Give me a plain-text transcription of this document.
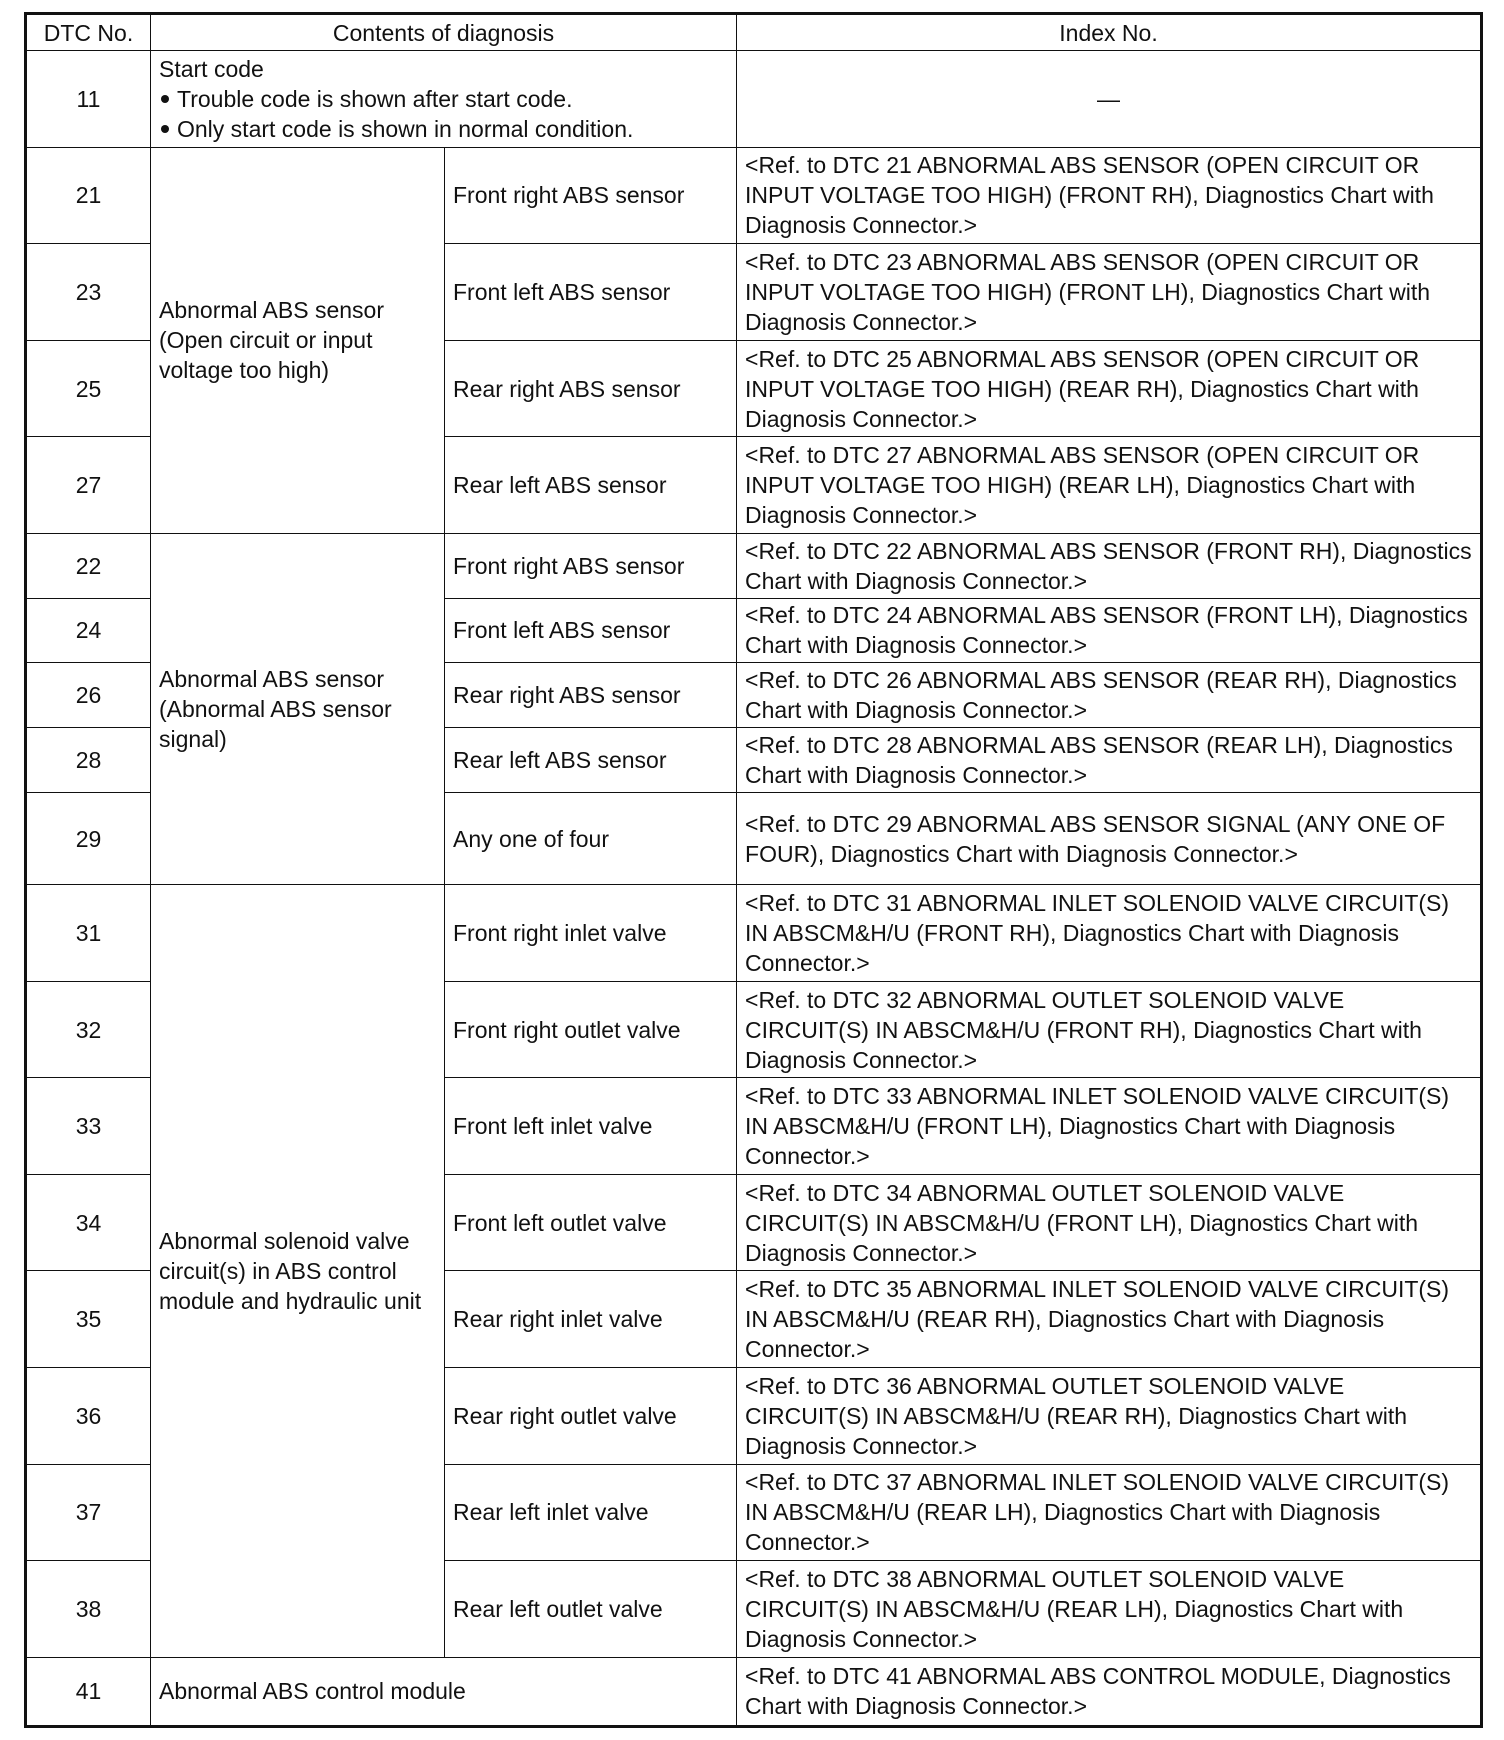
DTC No.	Contents of diagnosis		Index No.
11	Start code
Trouble code is shown after start code.
Only start code is shown in normal condition.		—
21	Abnormal ABS sensor (Open circuit or input voltage too high)	Front right ABS sensor	<Ref. to DTC 21 ABNORMAL ABS SENSOR (OPEN CIRCUIT OR INPUT VOLTAGE TOO HIGH) (FRONT RH), Diagnostics Chart with Diagnosis Connector.>
23		Front left ABS sensor	<Ref. to DTC 23 ABNORMAL ABS SENSOR (OPEN CIRCUIT OR INPUT VOLTAGE TOO HIGH) (FRONT LH), Diagnostics Chart with Diagnosis Connector.>
25		Rear right ABS sensor	<Ref. to DTC 25 ABNORMAL ABS SENSOR (OPEN CIRCUIT OR INPUT VOLTAGE TOO HIGH) (REAR RH), Diagnostics Chart with Diagnosis Connector.>
27		Rear left ABS sensor	<Ref. to DTC 27 ABNORMAL ABS SENSOR (OPEN CIRCUIT OR INPUT VOLTAGE TOO HIGH) (REAR LH), Diagnostics Chart with Diagnosis Connector.>
22	Abnormal ABS sensor (Abnormal ABS sensor signal)	Front right ABS sensor	<Ref. to DTC 22 ABNORMAL ABS SENSOR (FRONT RH), Diagnostics Chart with Diagnosis Connector.>
24		Front left ABS sensor	<Ref. to DTC 24 ABNORMAL ABS SENSOR (FRONT LH), Diagnostics Chart with Diagnosis Connector.>
26		Rear right ABS sensor	<Ref. to DTC 26 ABNORMAL ABS SENSOR (REAR RH), Diagnostics Chart with Diagnosis Connector.>
28		Rear left ABS sensor	<Ref. to DTC 28 ABNORMAL ABS SENSOR (REAR LH), Diagnostics Chart with Diagnosis Connector.>
29		Any one of four	<Ref. to DTC 29 ABNORMAL ABS SENSOR SIGNAL (ANY ONE OF FOUR), Diagnostics Chart with Diagnosis Connector.>
31	Abnormal solenoid valve circuit(s) in ABS control module and hydraulic unit	Front right inlet valve	<Ref. to DTC 31 ABNORMAL INLET SOLENOID VALVE CIRCUIT(S) IN ABSCM&H/U (FRONT RH), Diagnostics Chart with Diagnosis Connector.>
32		Front right outlet valve	<Ref. to DTC 32 ABNORMAL OUTLET SOLENOID VALVE CIRCUIT(S) IN ABSCM&H/U (FRONT RH), Diagnostics Chart with Diagnosis Connector.>
33		Front left inlet valve	<Ref. to DTC 33 ABNORMAL INLET SOLENOID VALVE CIRCUIT(S) IN ABSCM&H/U (FRONT LH), Diagnostics Chart with Diagnosis Connector.>
34		Front left outlet valve	<Ref. to DTC 34 ABNORMAL OUTLET SOLENOID VALVE CIRCUIT(S) IN ABSCM&H/U (FRONT LH), Diagnostics Chart with Diagnosis Connector.>
35		Rear right inlet valve	<Ref. to DTC 35 ABNORMAL INLET SOLENOID VALVE CIRCUIT(S) IN ABSCM&H/U (REAR RH), Diagnostics Chart with Diagnosis Connector.>
36		Rear right outlet valve	<Ref. to DTC 36 ABNORMAL OUTLET SOLENOID VALVE CIRCUIT(S) IN ABSCM&H/U (REAR RH), Diagnostics Chart with Diagnosis Connector.>
37		Rear left inlet valve	<Ref. to DTC 37 ABNORMAL INLET SOLENOID VALVE CIRCUIT(S) IN ABSCM&H/U (REAR LH), Diagnostics Chart with Diagnosis Connector.>
38		Rear left outlet valve	<Ref. to DTC 38 ABNORMAL OUTLET SOLENOID VALVE CIRCUIT(S) IN ABSCM&H/U (REAR LH), Diagnostics Chart with Diagnosis Connector.>
41	Abnormal ABS control module		<Ref. to DTC 41 ABNORMAL ABS CONTROL MODULE, Diagnostics Chart with Diagnosis Connector.>
